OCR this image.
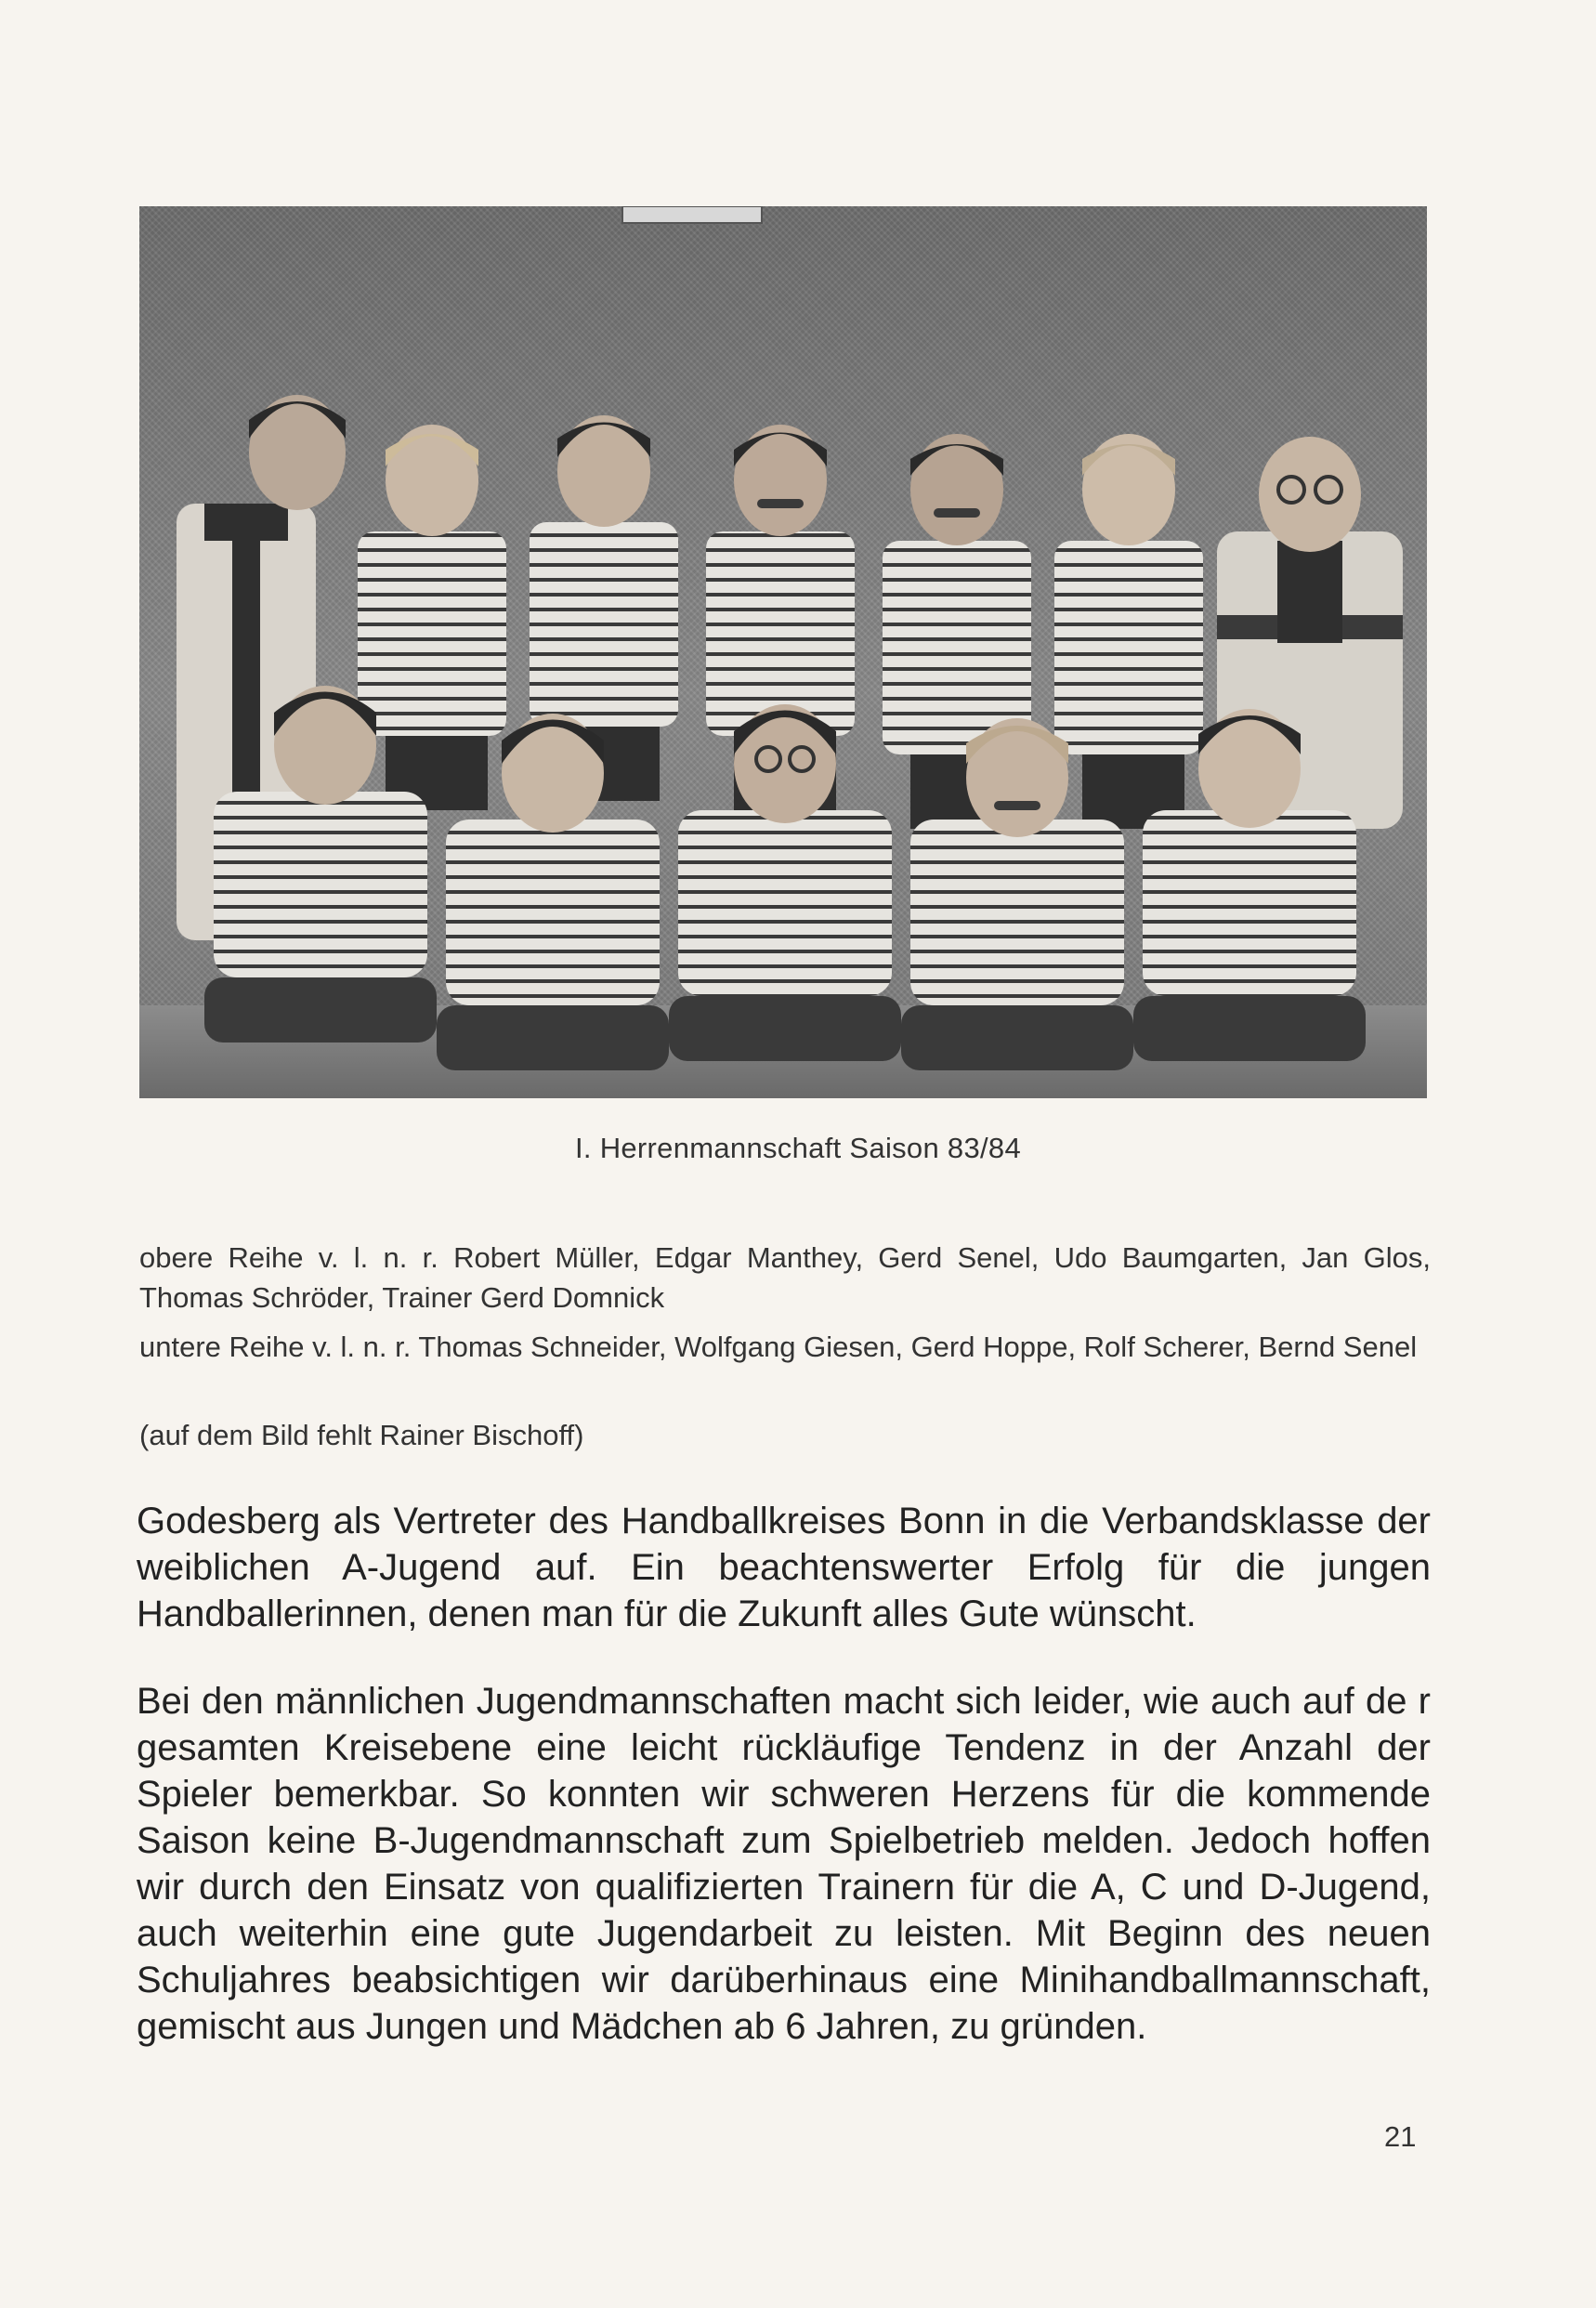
I. Herrenmannschaft Saison 83/84

obere Reihe v. l. n. r. Robert Müller, Edgar Manthey, Gerd Senel, Udo Baumgarten, Jan Glos, Thomas Schröder, Trainer Gerd Domnick

untere Reihe v. l. n. r. Thomas Schneider, Wolfgang Giesen, Gerd Hoppe, Rolf Scherer, Bernd Senel

(auf dem Bild fehlt Rainer Bischoff)

Godesberg als Vertreter des Handballkreises Bonn in die Verbandsklasse der weiblichen A-Jugend auf. Ein beachtenswerter Erfolg für die jungen Handballerinnen, denen man für die Zukunft alles Gute wünscht.

Bei den männlichen Jugendmannschaften macht sich leider, wie auch auf de r gesamten Kreisebene eine leicht rückläufige Tendenz in der Anzahl der Spieler bemerkbar. So konnten wir schweren Herzens für die kommende Saison keine B-Jugendmannschaft zum Spielbetrieb melden. Jedoch hoffen wir durch den Einsatz von qualifizierten Trainern für die A, C und D-Jugend, auch weiterhin eine gute Jugendarbeit zu leisten. Mit Beginn des neuen Schuljahres beabsichtigen wir darüberhinaus eine Minihandballmannschaft, gemischt aus Jungen und Mädchen ab 6 Jahren, zu gründen.

21
